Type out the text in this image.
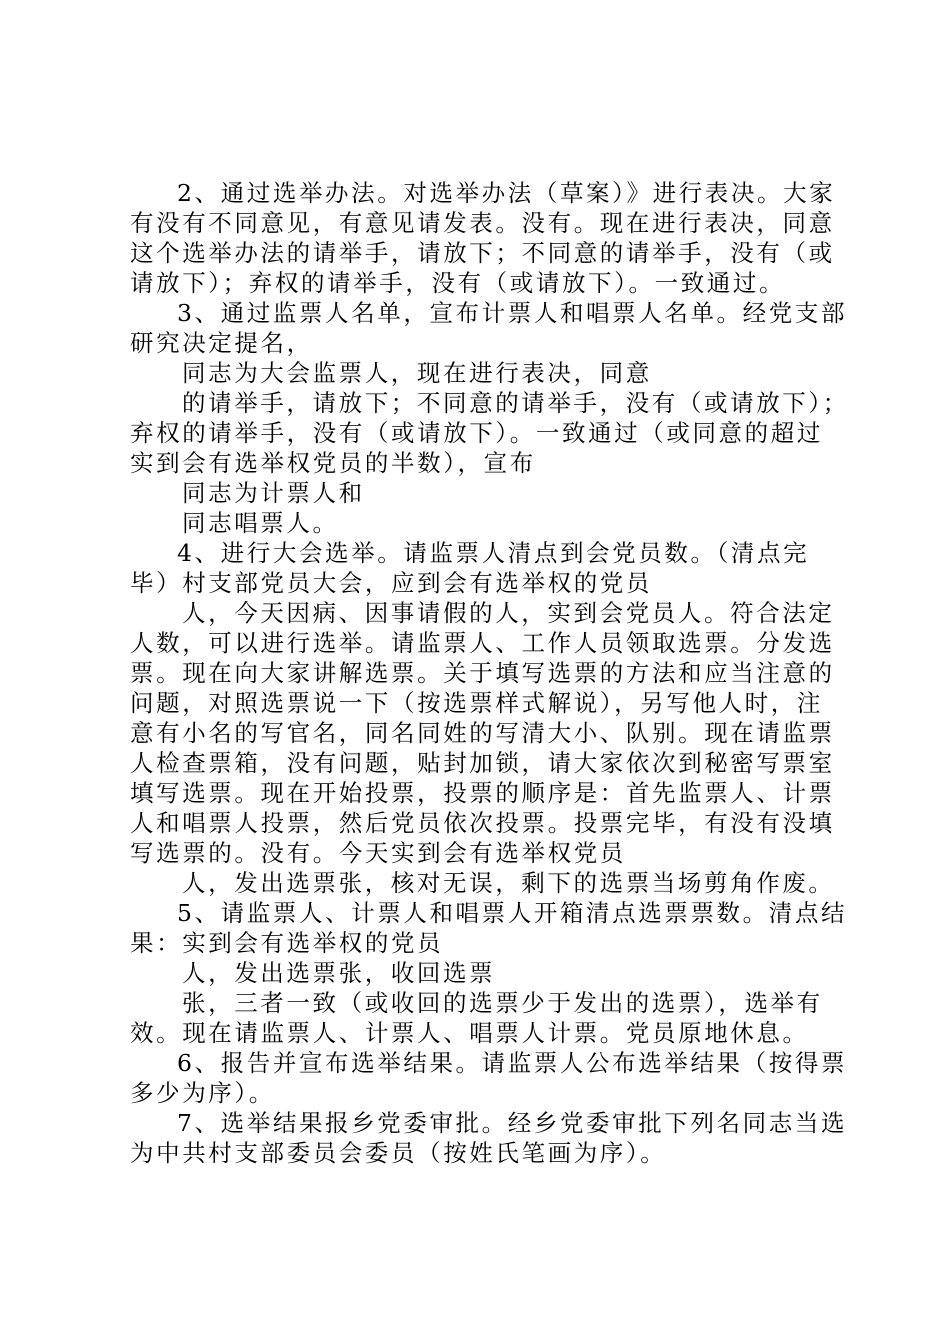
2、通过选举办法。对选举办法（草案）》进行表决。大家
有没有不同意见，有意见请发表。没有。现在进行表决，同意
这个选举办法的请举手，请放下；不同意的请举手，没有（或
请放下）；弃权的请举手，没有（或请放下）。一致通过。
3、通过监票人名单，宣布计票人和唱票人名单。经党支部
研究决定提名，
同志为大会监票人，现在进行表决，同意
的请举手，请放下；不同意的请举手，没有（或请放下）；
弃权的请举手，没有（或请放下）。一致通过（或同意的超过
实到会有选举权党员的半数），宣布
同志为计票人和
同志唱票人。
4、进行大会选举。请监票人清点到会党员数。（清点完
毕）村支部党员大会，应到会有选举权的党员
人，今天因病、因事请假的人，实到会党员人。符合法定
人数，可以进行选举。请监票人、工作人员领取选票。分发选
票。现在向大家讲解选票。关于填写选票的方法和应当注意的
问题，对照选票说一下（按选票样式解说），另写他人时，注
意有小名的写官名，同名同姓的写清大小、队别。现在请监票
人检查票箱，没有问题，贴封加锁，请大家依次到秘密写票室
填写选票。现在开始投票，投票的顺序是：首先监票人、计票
人和唱票人投票，然后党员依次投票。投票完毕，有没有没填
写选票的。没有。今天实到会有选举权党员
人，发出选票张，核对无误，剩下的选票当场剪角作废。
5、请监票人、计票人和唱票人开箱清点选票票数。清点结
果：实到会有选举权的党员
人，发出选票张，收回选票
张，三者一致（或收回的选票少于发出的选票），选举有
效。现在请监票人、计票人、唱票人计票。党员原地休息。
6、报告并宣布选举结果。请监票人公布选举结果（按得票
多少为序）。
7、选举结果报乡党委审批。经乡党委审批下列名同志当选
为中共村支部委员会委员（按姓氏笔画为序）。
